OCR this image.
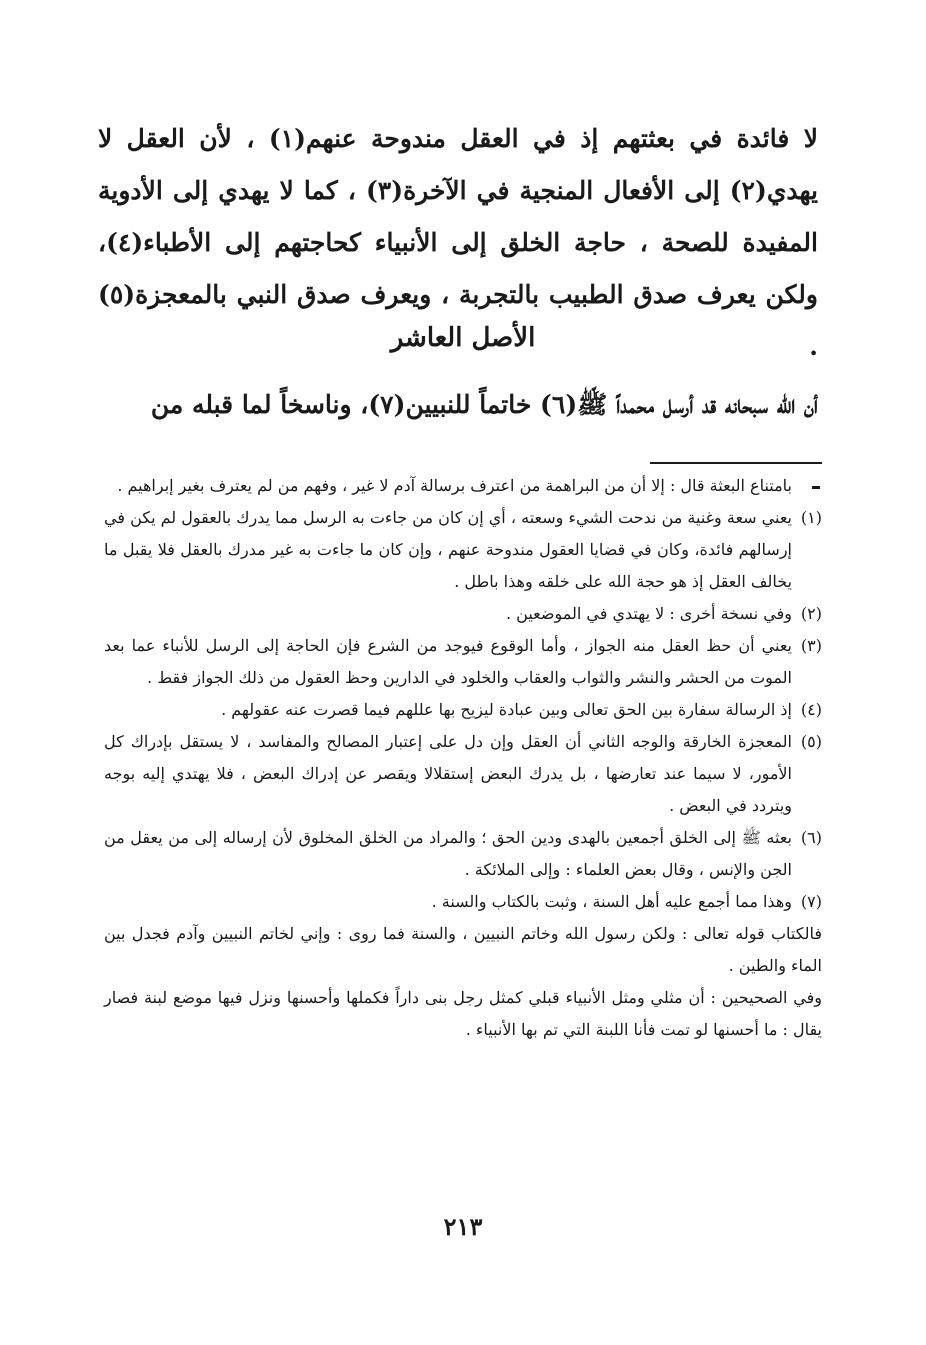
لا فائدة في بعثتهم إذ في العقل مندوحة عنهم(١) ، لأن العقل لا يهدي(٢) إلى الأفعال المنجية في الآخرة(٣) ، كما لا يهدي إلى الأدوية المفيدة للصحة ، حاجة الخلق إلى الأنبياء كحاجتهم إلى الأطباء(٤)، ولكن يعرف صدق الطبيب بالتجربة ، ويعرف صدق النبي بالمعجزة(٥) .

الأصل العاشر
أن الله سبحانه قد أرسل محمداً ﷺ(٦) خاتماً للنبيين(٧)، وناسخاً لما قبله من

بامتناع البعثة قال : إلا أن من البراهمة من اعترف برسالة آدم لا غير ، وفهم من لم يعترف بغير إبراهيم .

(١)
يعني سعة وغنية من ندحت الشيء وسعته ، أي إن كان من جاءت به الرسل مما يدرك بالعقول لم يكن في إرسالهم فائدة، وكان في قضايا العقول مندوحة عنهم ، وإن كان ما جاءت به غير مدرك بالعقل فلا يقبل ما يخالف العقل إذ هو حجة الله على خلقه وهذا باطل .

(٢)
وفي نسخة أخرى : لا يهتدي في الموضعين .

(٣)
يعني أن حظ العقل منه الجواز ، وأما الوقوع فيوجد من الشرع فإن الحاجة إلى الرسل للأنباء عما بعد الموت من الحشر والنشر والثواب والعقاب والخلود في الدارين وحظ العقول من ذلك الجواز فقط .

(٤)
إذ الرسالة سفارة بين الحق تعالى وبين عبادة ليزيح بها عللهم فيما قصرت عنه عقولهم .

(٥)
المعجزة الخارقة والوجه الثاني أن العقل وإن دل على إعتبار المصالح والمفاسد ، لا يستقل بإدراك كل الأمور، لا سيما عند تعارضها ، بل يدرك البعض إستقلالا ويقصر عن إدراك البعض ، فلا يهتدي إليه بوجه ويتردد في البعض .

(٦)
بعثه ﷺ إلى الخلق أجمعين بالهدى ودين الحق ؛ والمراد من الخلق المخلوق لأن إرساله إلى من يعقل من الجن والإنس ، وقال بعض العلماء : وإلى الملائكة .

(٧)
وهذا مما أجمع عليه أهل السنة ، وثبت بالكتاب والسنة .

فالكتاب قوله تعالى : ولكن رسول الله وخاتم النبيين ، والسنة فما روى : وإني لخاتم النبيين وآدم فجدل بين الماء والطين .

وفي الصحيحين : أن مثلي ومثل الأنبياء قبلي كمثل رجل بنى داراً فكملها وأحسنها ونزل فيها موضع لبنة فصار يقال : ما أحسنها لو تمت فأنا اللبنة التي تم بها الأنبياء .

٢١٣
